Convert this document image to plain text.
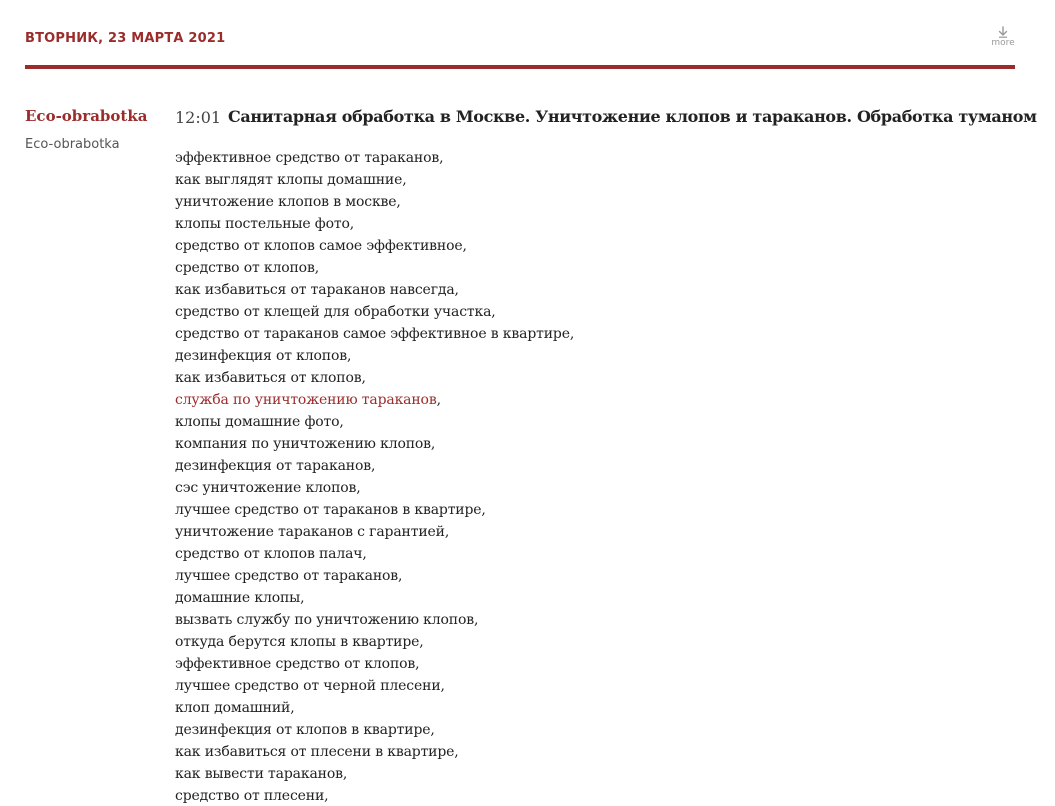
ВТОРНИК, 23 МАРТА 2021	more
Eco-obrabotka
Eco-obrabotka
12:01 Санитарная обработка в Москве. Уничтожение клопов и тараканов. Обработка туманом
эффективное средство от тараканов,
как выглядят клопы домашние,
уничтожение клопов в москве,
клопы постельные фото,
средство от клопов самое эффективное,
средство от клопов,
как избавиться от тараканов навсегда,
средство от клещей для обработки участка,
средство от тараканов самое эффективное в квартире,
дезинфекция от клопов,
как избавиться от клопов,
служба по уничтожению тараканов,
клопы домашние фото,
компания по уничтожению клопов,
дезинфекция от тараканов,
сэс уничтожение клопов,
лучшее средство от тараканов в квартире,
уничтожение тараканов с гарантией,
средство от клопов палач,
лучшее средство от тараканов,
домашние клопы,
вызвать службу по уничтожению клопов,
откуда берутся клопы в квартире,
эффективное средство от клопов,
лучшее средство от черной плесени,
клоп домашний,
дезинфекция от клопов в квартире,
как избавиться от плесени в квартире,
как вывести тараканов,
средство от плесени,
